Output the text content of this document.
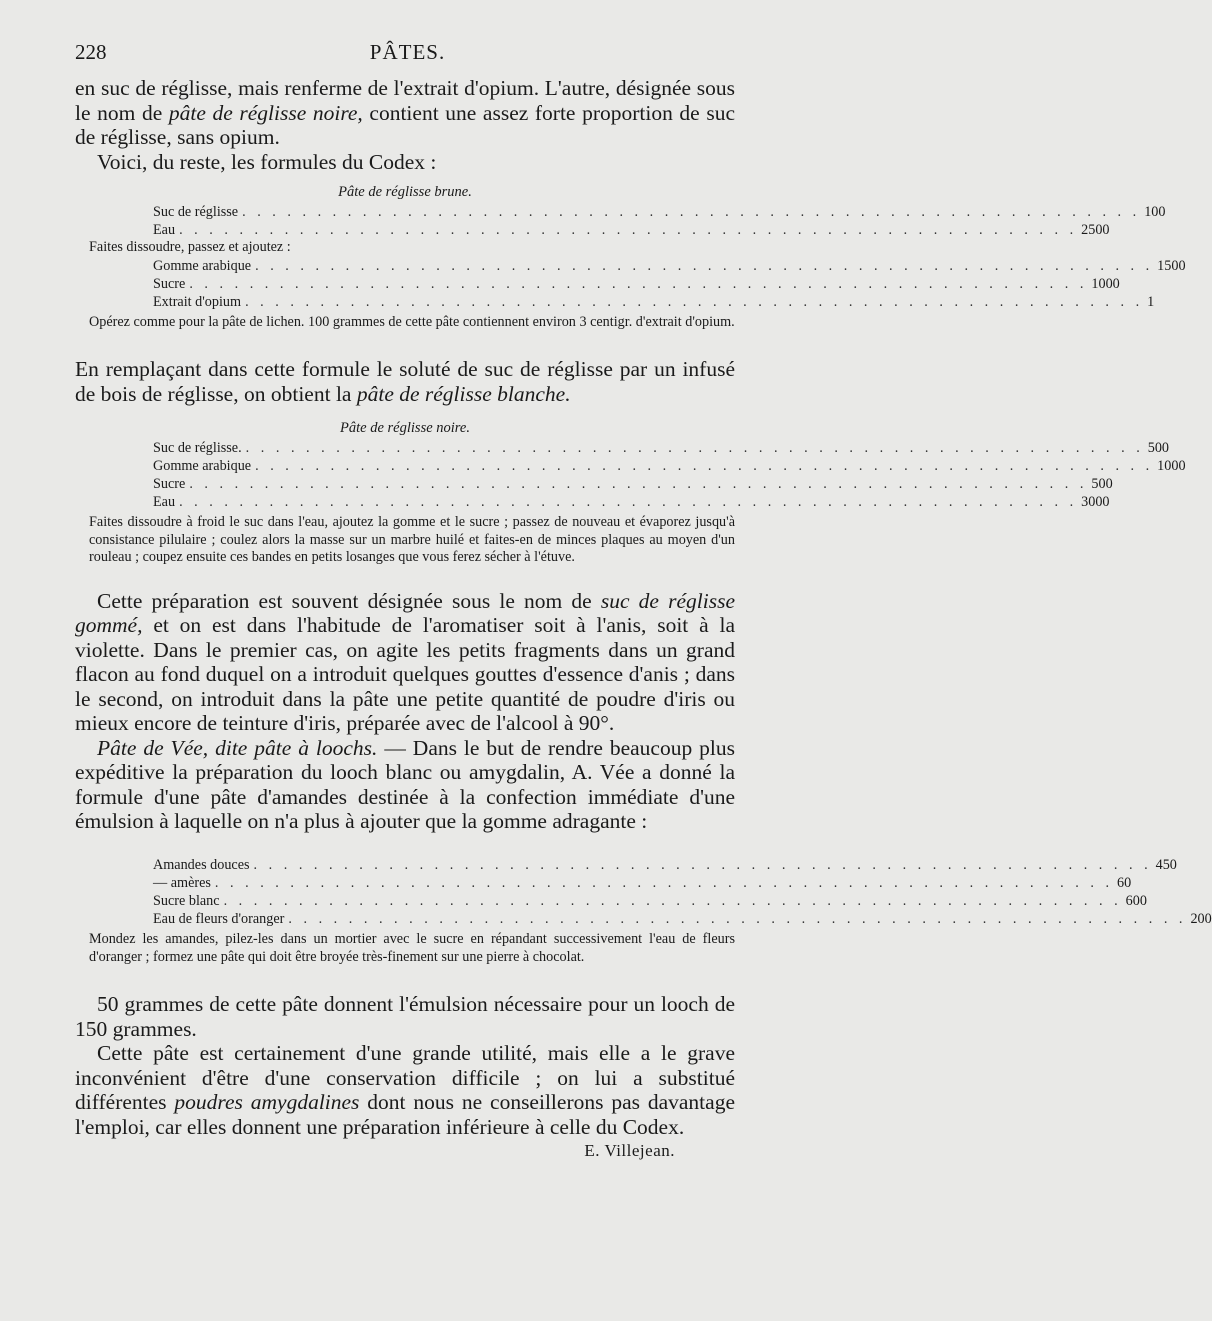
228	PÂTES.

en suc de réglisse, mais renferme de l'extrait d'opium. L'autre, désignée sous le nom de pâte de réglisse noire, contient une assez forte proportion de suc de réglisse, sans opium.

Voici, du reste, les formules du Codex :

Pâte de réglisse brune.
Suc de réglisse . . . . . . . . . . . . . . . . . . . . . . . . . . . . . . . . . . . . . . . . . . . . . . . . . . . . . . . . . . . . 100
Eau . . . . . . . . . . . . . . . . . . . . . . . . . . . . . . . . . . . . . . . . . . . . . . . . . . . . . . . . . . . . 2500
Faites dissoudre, passez et ajoutez :
Gomme arabique . . . . . . . . . . . . . . . . . . . . . . . . . . . . . . . . . . . . . . . . . . . . . . . . . . . . . . . . . . . . 1500
Sucre . . . . . . . . . . . . . . . . . . . . . . . . . . . . . . . . . . . . . . . . . . . . . . . . . . . . . . . . . . . . 1000
Extrait d'opium . . . . . . . . . . . . . . . . . . . . . . . . . . . . . . . . . . . . . . . . . . . . . . . . . . . . . . . . . . . . 1

Opérez comme pour la pâte de lichen. 100 grammes de cette pâte contiennent environ 3 centigr. d'extrait d'opium.

En remplaçant dans cette formule le soluté de suc de réglisse par un infusé de bois de réglisse, on obtient la pâte de réglisse blanche.

Pâte de réglisse noire.
Suc de réglisse. . . . . . . . . . . . . . . . . . . . . . . . . . . . . . . . . . . . . . . . . . . . . . . . . . . . . . . . . . . . . 500
Gomme arabique . . . . . . . . . . . . . . . . . . . . . . . . . . . . . . . . . . . . . . . . . . . . . . . . . . . . . . . . . . . . 1000
Sucre . . . . . . . . . . . . . . . . . . . . . . . . . . . . . . . . . . . . . . . . . . . . . . . . . . . . . . . . . . . . 500
Eau . . . . . . . . . . . . . . . . . . . . . . . . . . . . . . . . . . . . . . . . . . . . . . . . . . . . . . . . . . . . 3000

Faites dissoudre à froid le suc dans l'eau, ajoutez la gomme et le sucre ; passez de nouveau et évaporez jusqu'à consistance pilulaire ; coulez alors la masse sur un marbre huilé et faites-en de minces plaques au moyen d'un rouleau ; coupez ensuite ces bandes en petits losanges que vous ferez sécher à l'étuve.

Cette préparation est souvent désignée sous le nom de suc de réglisse gommé, et on est dans l'habitude de l'aromatiser soit à l'anis, soit à la violette. Dans le premier cas, on agite les petits fragments dans un grand flacon au fond duquel on a introduit quelques gouttes d'essence d'anis ; dans le second, on introduit dans la pâte une petite quantité de poudre d'iris ou mieux encore de teinture d'iris, préparée avec de l'alcool à 90°.

Pâte de Vée, dite pâte à loochs. — Dans le but de rendre beaucoup plus expéditive la préparation du looch blanc ou amygdalin, A. Vée a donné la formule d'une pâte d'amandes destinée à la confection immédiate d'une émulsion à laquelle on n'a plus à ajouter que la gomme adragante :

Amandes douces . . . . . . . . . . . . . . . . . . . . . . . . . . . . . . . . . . . . . . . . . . . . . . . . . . . . . . . . . . . . 450
— amères . . . . . . . . . . . . . . . . . . . . . . . . . . . . . . . . . . . . . . . . . . . . . . . . . . . . . . . . . . . . 60
Sucre blanc . . . . . . . . . . . . . . . . . . . . . . . . . . . . . . . . . . . . . . . . . . . . . . . . . . . . . . . . . . . . 600
Eau de fleurs d'oranger . . . . . . . . . . . . . . . . . . . . . . . . . . . . . . . . . . . . . . . . . . . . . . . . . . . . . . . . . . . . 200

Mondez les amandes, pilez-les dans un mortier avec le sucre en répandant successivement l'eau de fleurs d'oranger ; formez une pâte qui doit être broyée très-finement sur une pierre à chocolat.

50 grammes de cette pâte donnent l'émulsion nécessaire pour un looch de 150 grammes.

Cette pâte est certainement d'une grande utilité, mais elle a le grave inconvénient d'être d'une conservation difficile ; on lui a substitué différentes poudres amygdalines dont nous ne conseillerons pas davantage l'emploi, car elles donnent une préparation inférieure à celle du Codex.

E. Villejean.
